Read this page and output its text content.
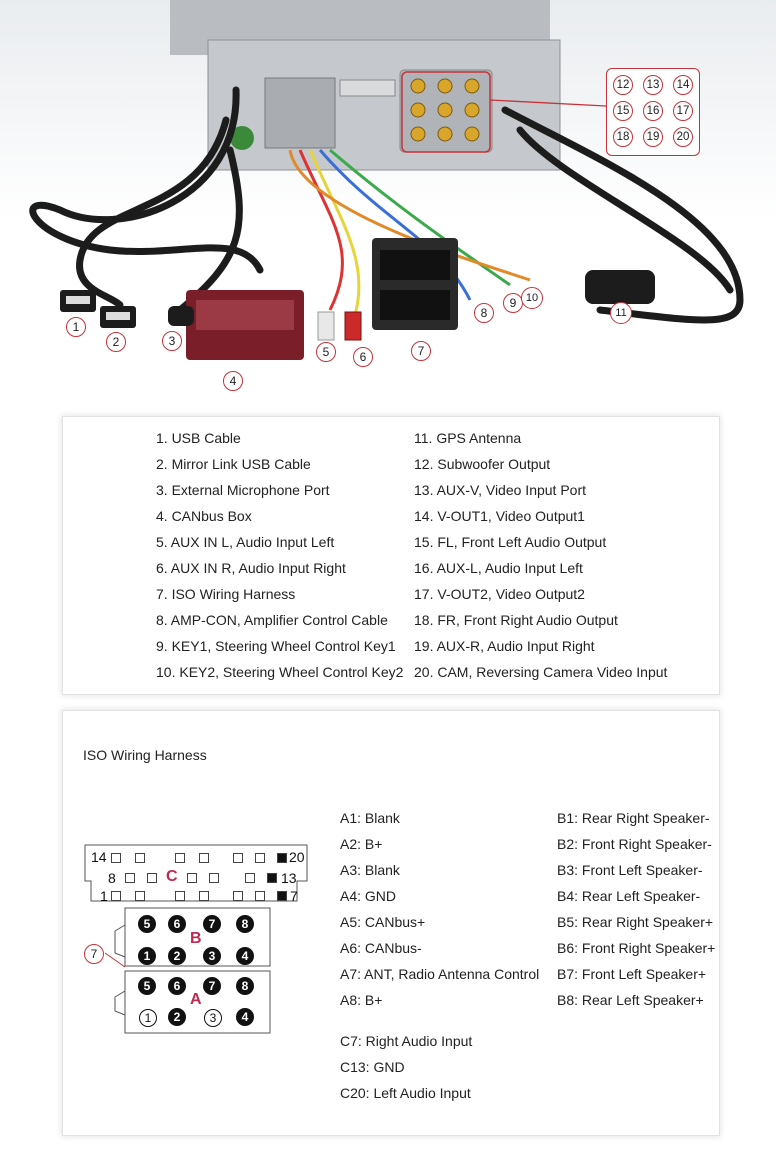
1
2	3
4
5	6	7
8
9 10
11
12	13	14
15	16	17
18	19	20
1. USB Cable
2. Mirror Link USB Cable
3. External Microphone Port
4. CANbus Box
5. AUX IN L, Audio Input Left
6. AUX IN R, Audio Input Right
7. ISO Wiring Harness
8. AMP-CON, Amplifier Control Cable
9. KEY1, Steering Wheel Control Key1
10. KEY2, Steering Wheel Control Key2
11. GPS Antenna
12. Subwoofer Output
13. AUX-V, Video Input Port
14. V-OUT1, Video Output1
15. FL, Front Left Audio Output
16. AUX-L, Audio Input Left
17. V-OUT2, Video Output2
18. FR, Front Right Audio Output
19. AUX-R, Audio Input Right
20. CAM, Reversing Camera Video Input
ISO Wiring Harness
14	20
8	13
1	7
C
7
5	6	7	8
B
1	2	3	4
5	6	7	8
A
1	2	3	4
A1: Blank
A2: B+
A3: Blank
A4: GND
A5: CANbus+
A6: CANbus-
A7: ANT, Radio Antenna Control
A8: B+
B1: Rear Right Speaker-
B2: Front Right Speaker-
B3: Front Left Speaker-
B4: Rear Left Speaker-
B5: Rear Right Speaker+
B6: Front Right Speaker+
B7: Front Left Speaker+
B8: Rear Left Speaker+
C7: Right Audio Input
C13: GND
C20: Left Audio Input
